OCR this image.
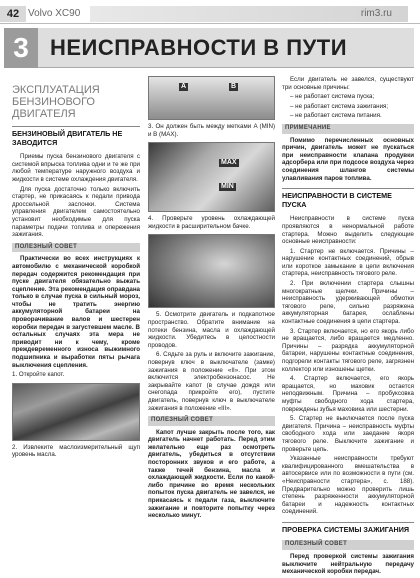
42 Volvo XC90	rim3.ru
3 НЕИСПРАВНОСТИ В ПУТИ
ЭКСПЛУАТАЦИЯ БЕНЗИНОВОГО ДВИГАТЕЛЯ
БЕНЗИНОВЫЙ ДВИГАТЕЛЬ НЕ ЗАВОДИТСЯ

Приемы пуска бензинового двигателя с системой впрыска топлива одни и те же при любой температуре наружного воздуха и жидкости в системе охлаждения двигателя.

Для пуска достаточно только включить стартер, не прикасаясь к педали привода дроссельной заслонки. Система управления двигателем самостоятельно установит необходимые для пуска параметры подачи топлива и опережения зажигания.

ПОЛЕЗНЫЙ СОВЕТ

Практически во всех инструкциях к автомобилю с механической коробкой передач содержится рекомендация при пуске двигателя обязательно выжать сцепление. Эта рекомендация оправдана только в случае пуска в сильный мороз, чтобы не тратить энергию аккумуляторной батареи на проворачивание валов и шестерен коробки передач в загустевшем масле. В остальных случаях эта мера не приводит ни к чему, кроме преждевременного износа выжимного подшипника и выработки пяты рычага выключения сцепления.

1. Откройте капот.

2. Извлеките маслоизмерительный щуп уровень масла.

A	B

3. Он должен быть между метками A (MIN) и B (MAX).

MAX
MIN

4. Проверьте уровень охлаждающей жидкости в расширительном бачке.

5. Осмотрите двигатель и подкапотное пространство. Обратите внимание на потеки бензина, масла и охлаждающей жидкости. Убедитесь в целостности проводов.

6. Сядьте за руль и включите зажигание, повернув ключ в выключателе (замке) зажигания в положение «II». При этом включится электробензонасос. Не закрывайте капот (в случае дождя или снегопада прикройте его), пустите двигатель, повернув ключ в выключателе зажигания в положение «III».

ПОЛЕЗНЫЙ СОВЕТ

Капот лучше закрыть после того, как двигатель начнет работать. Перед этим желательно еще раз осмотреть двигатель, убедиться в отсутствии посторонних звуков и его работе, а также течей бензина, масла и охлаждающей жидкости. Если по какой-либо причине во время нескольких попыток пуска двигатель не завелся, не прикасаясь к педали газа, выключите зажигание и повторите попытку через несколько минут.

Если двигатель не завелся, существуют три основные причины:

– не работает система пуска;

– не работает система зажигания;

– не работает система питания.

ПРИМЕЧАНИЕ

Помимо перечисленных основных причин, двигатель может не пускаться при неисправности клапана продувки адсорбера или при подсосе воздуха через соединения шлангов системы улавливания паров топлива.

НЕИСПРАВНОСТИ В СИСТЕМЕ ПУСКА

Неисправности в системе пуска проявляются в ненормальной работе стартера. Можно выделить следующие основные неисправности:

1. Стартер не включается. Причины – нарушение контактных соединений, обрыв или короткое замыкание в цепи включения стартера, неисправность тягового реле.

2. При включении стартера слышны многократные щелчки. Причины – неисправность удерживающей обмотки тягового реле, сильно разряжена аккумуляторная батарея, ослаблены контактные соединения в цепи стартера.

3. Стартер включается, но его якорь либо не вращается, либо вращается медленно. Причины – разрядка аккумуляторной батареи, нарушены контактные соединения, подгорели контакты тягового реле, загрязнен коллектор или изношены щетки.

4. Стартер включается, его якорь вращается, но маховик остается неподвижным. Причина – пробуксовка муфты свободного хода стартера, повреждены зубья маховика или шестерни.

5. Стартер не выключается после пуска двигателя. Причина – неисправность муфты свободного хода или заедание якоря тягового реле. Выключите зажигание и проверьте цепь.

Указанные неисправности требуют квалифицированного вмешательства в автосервисе или по возможности в пути (см. «Неисправности стартера», с. 188). Предварительно можно проверить лишь степень разряженности аккумуляторной батареи и надежность контактных соединений.

ПРОВЕРКА СИСТЕМЫ ЗАЖИГАНИЯ
ПОЛЕЗНЫЙ СОВЕТ

Перед проверкой системы зажигания выключите нейтральную передачу механической коробки передач.
